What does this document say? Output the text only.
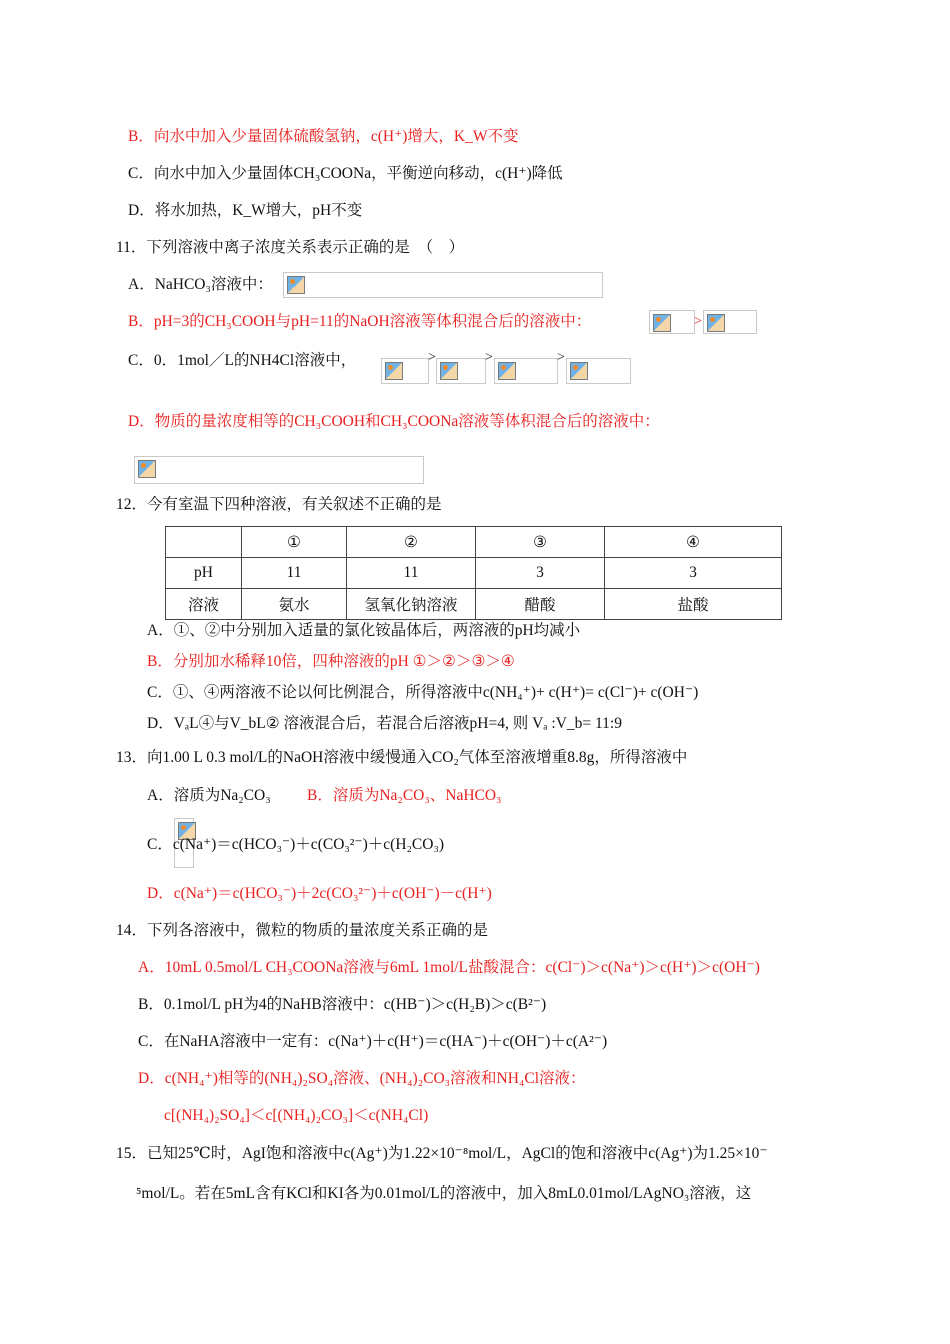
B．向水中加入少量固体硫酸氢钠，c(H⁺)增大，K_W不变
C．向水中加入少量固体CH₃COONa，平衡逆向移动，c(H⁺)降低
D．将水加热，K_W增大，pH不变
11．下列溶液中离子浓度关系表示正确的是　（　）
A．NaHCO₃溶液中：
B．pH=3的CH₃COOH与pH=11的NaOH溶液等体积混合后的溶液中：	>
C．0．1mol／L的NH4Cl溶液中，	>	>	>
D．物质的量浓度相等的CH₃COOH和CH₃COONa溶液等体积混合后的溶液中：
12．今有室温下四种溶液，有关叙述不正确的是
	①	②	③	④
pH	11	11	3	3
溶液	氨水	氢氧化钠溶液	醋酸	盐酸
A．①、②中分别加入适量的氯化铵晶体后，两溶液的pH均减小
B．分别加水稀释10倍，四种溶液的pH ①＞②＞③＞④
C．①、④两溶液不论以何比例混合，所得溶液中c(NH₄⁺)+ c(H⁺)= c(Cl⁻)+ c(OH⁻)
D．VₐL④与V_bL② 溶液混合后，若混合后溶液pH=4, 则 Vₐ :V_b= 11:9
13．向1.00 L 0.3 mol/L的NaOH溶液中缓慢通入CO₂气体至溶液增重8.8g，所得溶液中
A．溶质为Na₂CO₃ B．溶质为Na₂CO₃、NaHCO₃
C．c(Na⁺)＝c(HCO₃⁻)＋c(CO₃²⁻)＋c(H₂CO₃)
D．c(Na⁺)＝c(HCO₃⁻)＋2c(CO₃²⁻)＋c(OH⁻)－c(H⁺)
14．下列各溶液中，微粒的物质的量浓度关系正确的是
A．10mL 0.5mol/L CH₃COONa溶液与6mL 1mol/L盐酸混合：c(Cl⁻)＞c(Na⁺)＞c(H⁺)＞c(OH⁻)
B．0.1mol/L pH为4的NaHB溶液中：c(HB⁻)＞c(H₂B)＞c(B²⁻)
C．在NaHA溶液中一定有：c(Na⁺)＋c(H⁺)＝c(HA⁻)＋c(OH⁻)＋c(A²⁻)
D．c(NH₄⁺)相等的(NH₄)₂SO₄溶液、(NH₄)₂CO₃溶液和NH₄Cl溶液：
c[(NH₄)₂SO₄]＜c[(NH₄)₂CO₃]＜c(NH₄Cl)
15．已知25℃时，AgI饱和溶液中c(Ag⁺)为1.22×10⁻⁸mol/L，AgCl的饱和溶液中c(Ag⁺)为1.25×10⁻
⁵mol/L。若在5mL含有KCl和KI各为0.01mol/L的溶液中，加入8mL0.01mol/LAgNO₃溶液，这
